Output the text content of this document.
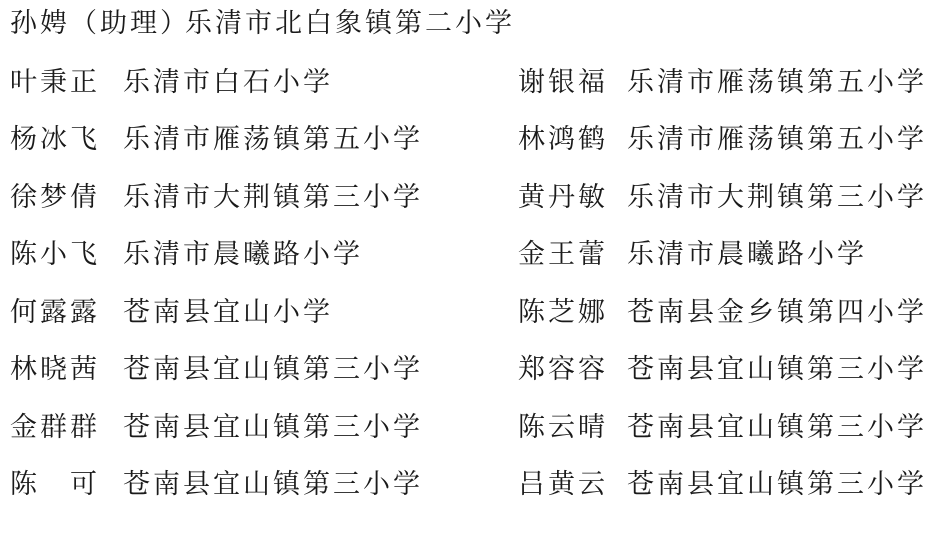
孙娉（助理）乐清市北白象镇第二小学
叶秉正 乐清市白石小学	谢银福 乐清市雁荡镇第五小学
杨冰飞 乐清市雁荡镇第五小学	林鸿鹤 乐清市雁荡镇第五小学
徐梦倩 乐清市大荆镇第三小学	黄丹敏 乐清市大荆镇第三小学
陈小飞 乐清市晨曦路小学	金王蕾 乐清市晨曦路小学
何露露 苍南县宜山小学	陈芝娜 苍南县金乡镇第四小学
林晓茜 苍南县宜山镇第三小学	郑容容 苍南县宜山镇第三小学
金群群 苍南县宜山镇第三小学	陈云晴 苍南县宜山镇第三小学
陈　可 苍南县宜山镇第三小学	吕黄云 苍南县宜山镇第三小学
